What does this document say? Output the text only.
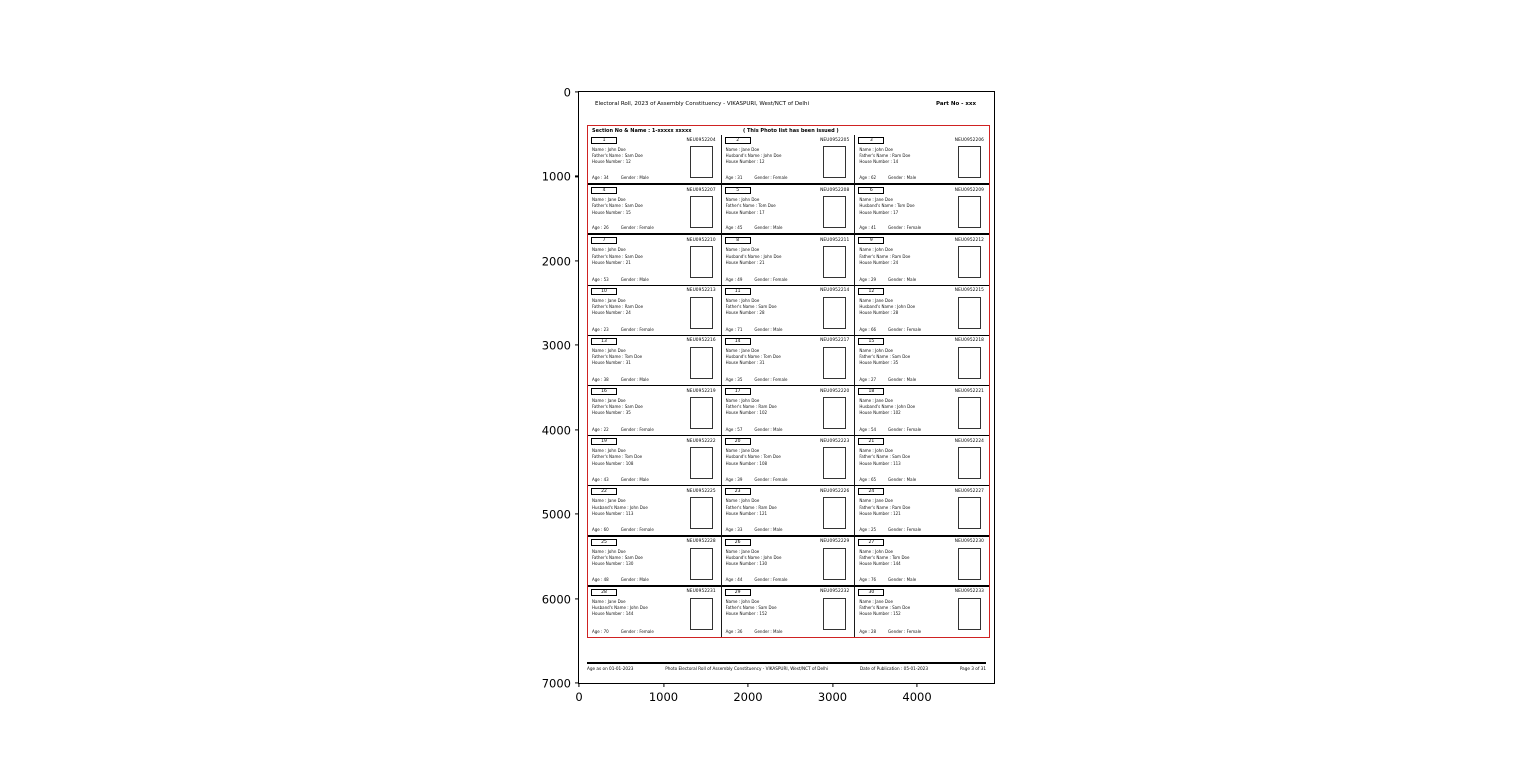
Electoral Roll, 2023 of Assembly Constituency - VIKASPURI, West/NCT of Delhi	Part No - xxx
Section No & Name : 1-xxxxx xxxxx	( This Photo list has been issued )
1	NEU0952204
Name : John Doe
Father's Name : Sam Doe
House Number : 12
Age : 34	Gender : Male
2	NEU0952205
Name : Jane Doe
Husband's Name : John Doe
House Number : 12
Age : 31	Gender : Female
3	NEU0952206
Name : John Doe
Father's Name : Ram Doe
House Number : 14
Age : 62	Gender : Male
4	NEU0952207
Name : Jane Doe
Father's Name : Sam Doe
House Number : 15
Age : 26	Gender : Female
5	NEU0952208
Name : John Doe
Father's Name : Tom Doe
House Number : 17
Age : 45	Gender : Male
6	NEU0952209
Name : Jane Doe
Husband's Name : Tom Doe
House Number : 17
Age : 41	Gender : Female
7	NEU0952210
Name : John Doe
Father's Name : Sam Doe
House Number : 21
Age : 53	Gender : Male
8	NEU0952211
Name : Jane Doe
Husband's Name : John Doe
House Number : 21
Age : 49	Gender : Female
9	NEU0952212
Name : John Doe
Father's Name : Ram Doe
House Number : 24
Age : 29	Gender : Male
10	NEU0952213
Name : Jane Doe
Father's Name : Ram Doe
House Number : 24
Age : 23	Gender : Female
11	NEU0952214
Name : John Doe
Father's Name : Sam Doe
House Number : 28
Age : 71	Gender : Male
12	NEU0952215
Name : Jane Doe
Husband's Name : John Doe
House Number : 28
Age : 66	Gender : Female
13	NEU0952216
Name : John Doe
Father's Name : Tom Doe
House Number : 31
Age : 38	Gender : Male
14	NEU0952217
Name : Jane Doe
Husband's Name : Tom Doe
House Number : 31
Age : 35	Gender : Female
15	NEU0952218
Name : John Doe
Father's Name : Sam Doe
House Number : 35
Age : 27	Gender : Male
16	NEU0952219
Name : Jane Doe
Father's Name : Sam Doe
House Number : 35
Age : 22	Gender : Female
17	NEU0952220
Name : John Doe
Father's Name : Ram Doe
House Number : 102
Age : 57	Gender : Male
18	NEU0952221
Name : Jane Doe
Husband's Name : John Doe
House Number : 102
Age : 54	Gender : Female
19	NEU0952222
Name : John Doe
Father's Name : Tom Doe
House Number : 108
Age : 43	Gender : Male
20	NEU0952223
Name : Jane Doe
Husband's Name : Tom Doe
House Number : 108
Age : 39	Gender : Female
21	NEU0952224
Name : John Doe
Father's Name : Sam Doe
House Number : 113
Age : 65	Gender : Male
22	NEU0952225
Name : Jane Doe
Husband's Name : John Doe
House Number : 113
Age : 60	Gender : Female
23	NEU0952226
Name : John Doe
Father's Name : Ram Doe
House Number : 121
Age : 33	Gender : Male
24	NEU0952227
Name : Jane Doe
Father's Name : Ram Doe
House Number : 121
Age : 25	Gender : Female
25	NEU0952228
Name : John Doe
Father's Name : Sam Doe
House Number : 130
Age : 48	Gender : Male
26	NEU0952229
Name : Jane Doe
Husband's Name : John Doe
House Number : 130
Age : 44	Gender : Female
27	NEU0952230
Name : John Doe
Father's Name : Tom Doe
House Number : 144
Age : 76	Gender : Male
28	NEU0952231
Name : Jane Doe
Husband's Name : John Doe
House Number : 144
Age : 70	Gender : Female
29	NEU0952232
Name : John Doe
Father's Name : Sam Doe
House Number : 152
Age : 36	Gender : Male
30	NEU0952233
Name : Jane Doe
Father's Name : Sam Doe
House Number : 152
Age : 28	Gender : Female
Age as on 01-01-2023	Photo Electoral Roll of Assembly Constituency - VIKASPURI, West/NCT of Delhi	Date of Publication : 05-01-2023	Page 3 of 31
0
1000
2000
3000
4000
5000
6000
7000
0	1000	2000	3000	4000
